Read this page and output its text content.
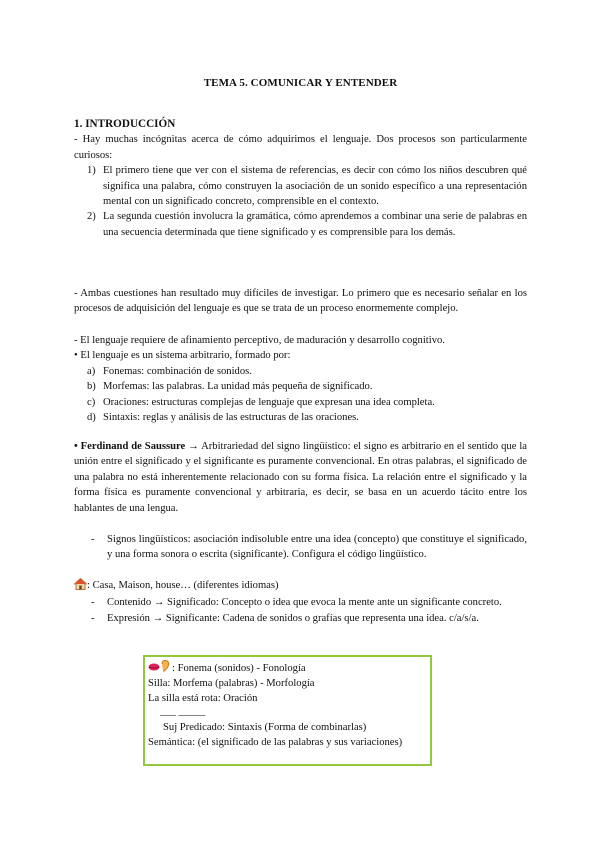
TEMA 5. COMUNICAR Y ENTENDER
1. INTRODUCCIÓN
- Hay muchas incógnitas acerca de cómo adquirimos el lenguaje. Dos procesos son particularmente curiosos:
1) El primero tiene que ver con el sistema de referencias, es decir con cómo los niños descubren qué significa una palabra, cómo construyen la asociación de un sonido específico a una representación mental con un significado concreto, comprensible en el contexto.
2) La segunda cuestión involucra la gramática, cómo aprendemos a combinar una serie de palabras en una secuencia determinada que tiene significado y es comprensible para los demás.
- Ambas cuestiones han resultado muy difíciles de investigar. Lo primero que es necesario señalar en los procesos de adquisición del lenguaje es que se trata de un proceso enormemente complejo.
- El lenguaje requiere de afinamiento perceptivo, de maduración y desarrollo cognitivo.
• El lenguaje es un sistema arbitrario, formado por:
a) Fonemas: combinación de sonidos.
b) Morfemas: las palabras. La unidad más pequeña de significado.
c) Oraciones: estructuras complejas de lenguaje que expresan una idea completa.
d) Sintaxis: reglas y análisis de las estructuras de las oraciones.
• Ferdinand de Saussure → Arbitrariedad del signo lingüístico: el signo es arbitrario en el sentido que la unión entre el significado y el significante es puramente convencional. En otras palabras, el significado de una palabra no está inherentemente relacionado con su forma física. La relación entre el significado y la forma física es puramente convencional y arbitraria, es decir, se basa en un acuerdo tácito entre los hablantes de una lengua.
- Signos lingüísticos: asociación indisoluble entre una idea (concepto) que constituye el significado, y una forma sonora o escrita (significante). Configura el código lingüístico.
: Casa, Maison, house… (diferentes idiomas)
- Contenido → Significado: Concepto o idea que evoca la mente ante un significante concreto.
- Expresión → Significante: Cadena de sonidos o grafías que representa una idea. c/a/s/a.
: Fonema (sonidos) - Fonología
Silla: Morfema (palabras) - Morfología
La silla está rota: Oración
___ _____
Suj Predicado: Sintaxis (Forma de combinarlas)
Semántica: (el significado de las palabras y sus variaciones)
